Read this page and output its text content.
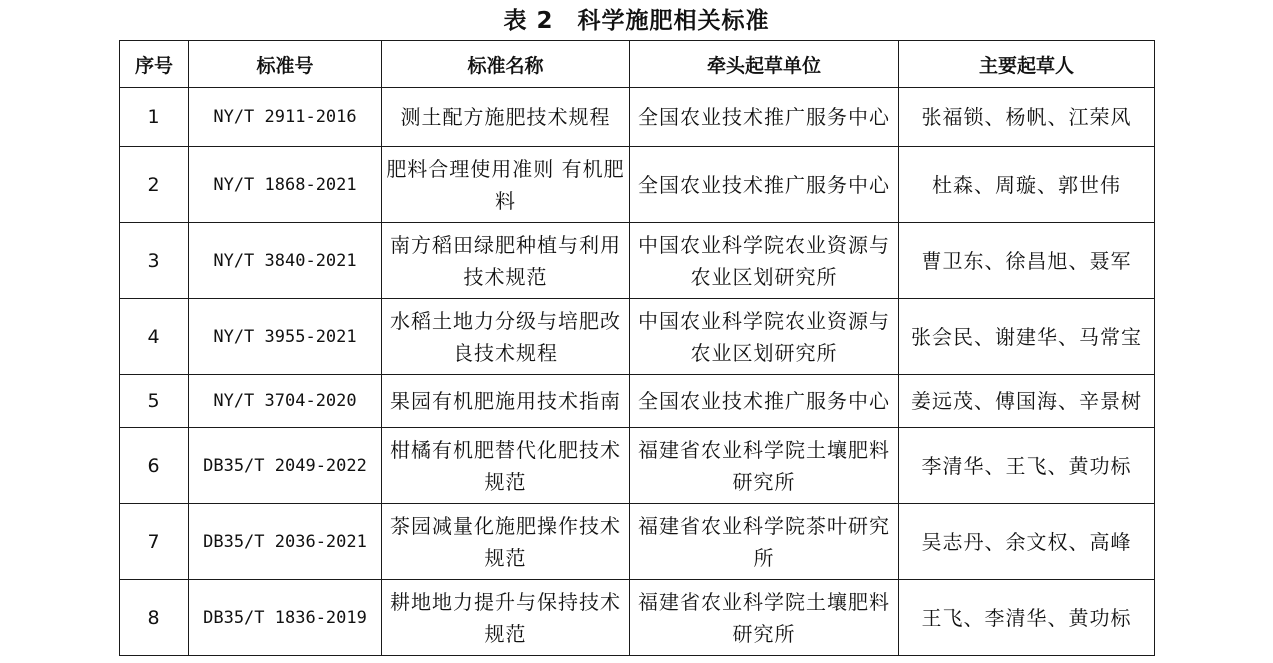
表 2　科学施肥相关标准
序号	标准号	标准名称	牵头起草单位	主要起草人
1	NY/T 2911-2016	测土配方施肥技术规程	全国农业技术推广服务中心	张福锁、杨帆、江荣风
2	NY/T 1868-2021	肥料合理使用准则 有机肥料	全国农业技术推广服务中心	杜森、周璇、郭世伟
3	NY/T 3840-2021	南方稻田绿肥种植与利用技术规范	中国农业科学院农业资源与农业区划研究所	曹卫东、徐昌旭、聂军
4	NY/T 3955-2021	水稻土地力分级与培肥改良技术规程	中国农业科学院农业资源与农业区划研究所	张会民、谢建华、马常宝
5	NY/T 3704-2020	果园有机肥施用技术指南	全国农业技术推广服务中心	姜远茂、傅国海、辛景树
6	DB35/T 2049-2022	柑橘有机肥替代化肥技术规范	福建省农业科学院土壤肥料研究所	李清华、王飞、黄功标
7	DB35/T 2036-2021	茶园减量化施肥操作技术规范	福建省农业科学院茶叶研究所	吴志丹、余文权、高峰
8	DB35/T 1836-2019	耕地地力提升与保持技术规范	福建省农业科学院土壤肥料研究所	王飞、李清华、黄功标
